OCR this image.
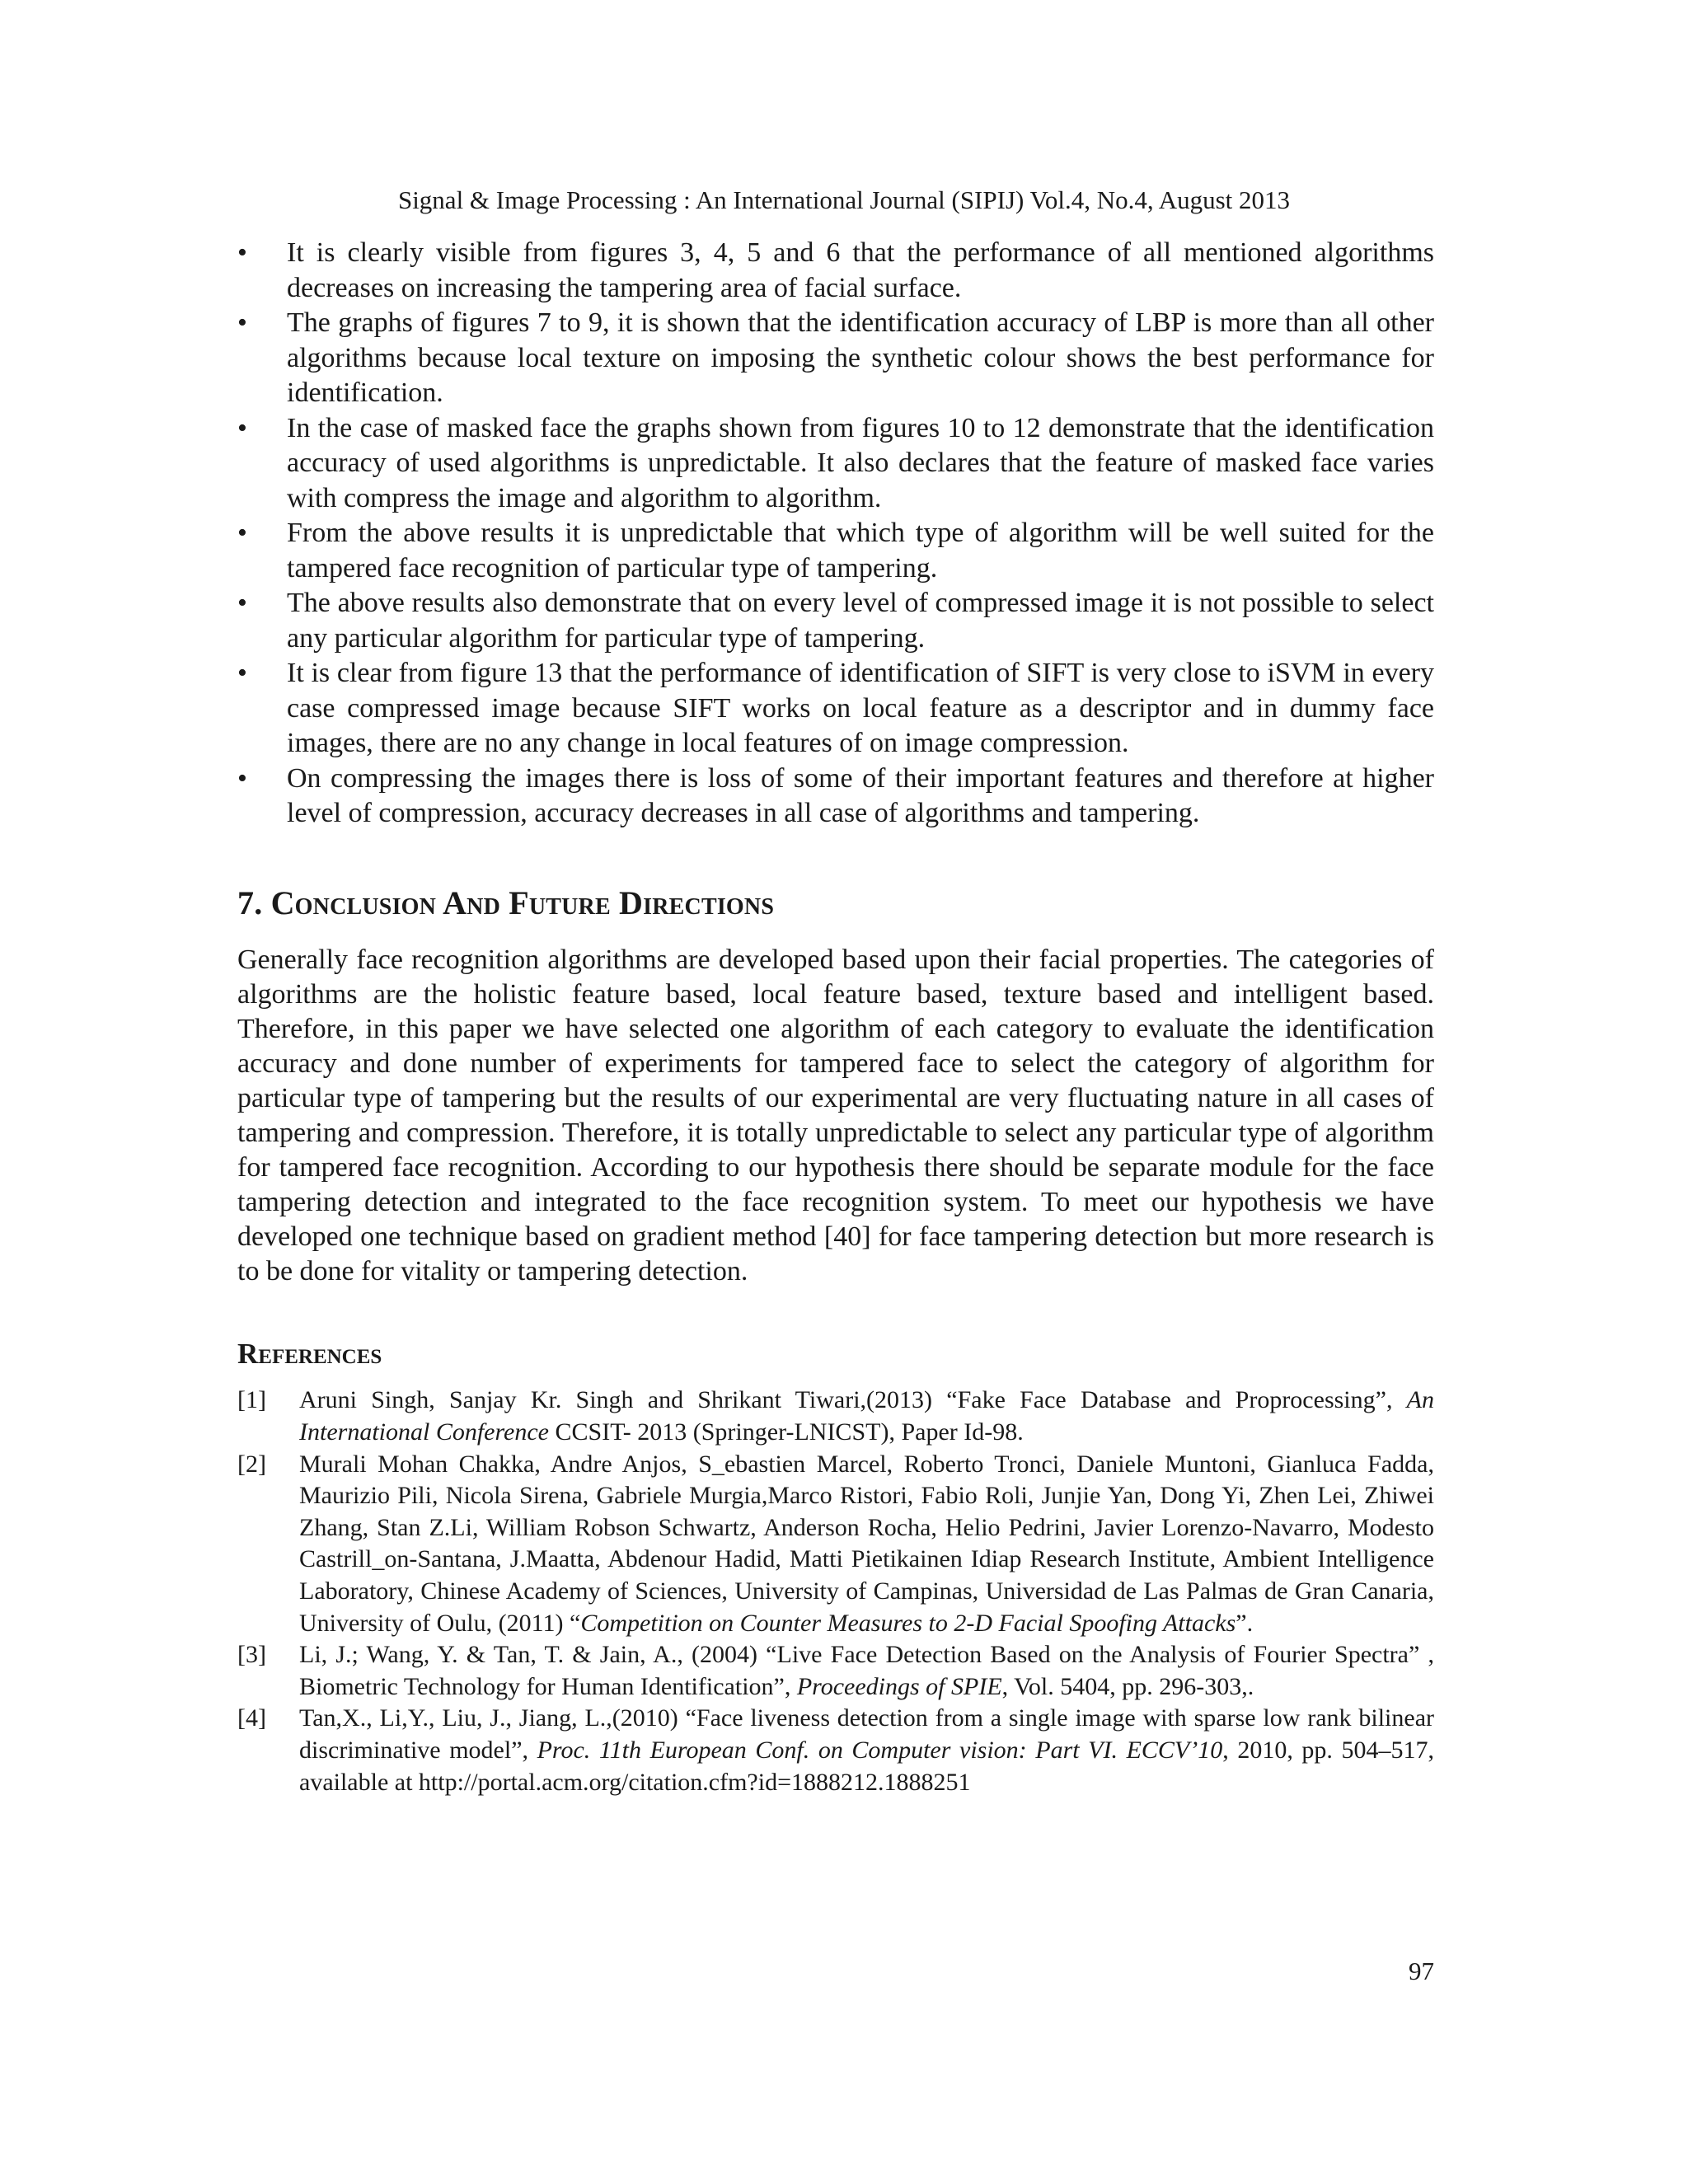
Signal & Image Processing : An International Journal (SIPIJ) Vol.4, No.4, August 2013
• It is clearly visible from figures 3, 4, 5 and 6 that the performance of all mentioned algorithms decreases on increasing the tampering area of facial surface.
• The graphs of figures 7 to 9, it is shown that the identification accuracy of LBP is more than all other algorithms because local texture on imposing the synthetic colour shows the best performance for identification.
• In the case of masked face the graphs shown from figures 10 to 12 demonstrate that the identification accuracy of used algorithms is unpredictable. It also declares that the feature of masked face varies with compress the image and algorithm to algorithm.
• From the above results it is unpredictable that which type of algorithm will be well suited for the tampered face recognition of particular type of tampering.
• The above results also demonstrate that on every level of compressed image it is not possible to select any particular algorithm for particular type of tampering.
• It is clear from figure 13 that the performance of identification of SIFT is very close to iSVM in every case compressed image because SIFT works on local feature as a descriptor and in dummy face images, there are no any change in local features of on image compression.
• On compressing the images there is loss of some of their important features and therefore at higher level of compression, accuracy decreases in all case of algorithms and tampering.
7. Conclusion And Future Directions

Generally face recognition algorithms are developed based upon their facial properties. The categories of algorithms are the holistic feature based, local feature based, texture based and intelligent based. Therefore, in this paper we have selected one algorithm of each category to evaluate the identification accuracy and done number of experiments for tampered face to select the category of algorithm for particular type of tampering but the results of our experimental are very fluctuating nature in all cases of tampering and compression. Therefore, it is totally unpredictable to select any particular type of algorithm for tampered face recognition. According to our hypothesis there should be separate module for the face tampering detection and integrated to the face recognition system. To meet our hypothesis we have developed one technique based on gradient method [40] for face tampering detection but more research is to be done for vitality or tampering detection.

References
[1] Aruni Singh, Sanjay Kr. Singh and Shrikant Tiwari,(2013) “Fake Face Database and Proprocessing”, An International Conference CCSIT- 2013 (Springer-LNICST), Paper Id-98.
[2] Murali Mohan Chakka, Andre Anjos, S_ebastien Marcel, Roberto Tronci, Daniele Muntoni, Gianluca Fadda, Maurizio Pili, Nicola Sirena, Gabriele Murgia,Marco Ristori, Fabio Roli, Junjie Yan, Dong Yi, Zhen Lei, Zhiwei Zhang, Stan Z.Li, William Robson Schwartz, Anderson Rocha, Helio Pedrini, Javier Lorenzo-Navarro, Modesto Castrill_on-Santana, J.Maatta, Abdenour Hadid, Matti Pietikainen Idiap Research Institute, Ambient Intelligence Laboratory, Chinese Academy of Sciences, University of Campinas, Universidad de Las Palmas de Gran Canaria, University of Oulu, (2011) “Competition on Counter Measures to 2-D Facial Spoofing Attacks”.
[3] Li, J.; Wang, Y. & Tan, T. & Jain, A., (2004) “Live Face Detection Based on the Analysis of Fourier Spectra” , Biometric Technology for Human Identification”, Proceedings of SPIE, Vol. 5404, pp. 296-303,.
[4] Tan,X., Li,Y., Liu, J., Jiang, L.,(2010) “Face liveness detection from a single image with sparse low rank bilinear discriminative model”, Proc. 11th European Conf. on Computer vision: Part VI. ECCV’10, 2010, pp. 504–517, available at http://portal.acm.org/citation.cfm?id=1888212.1888251
97
